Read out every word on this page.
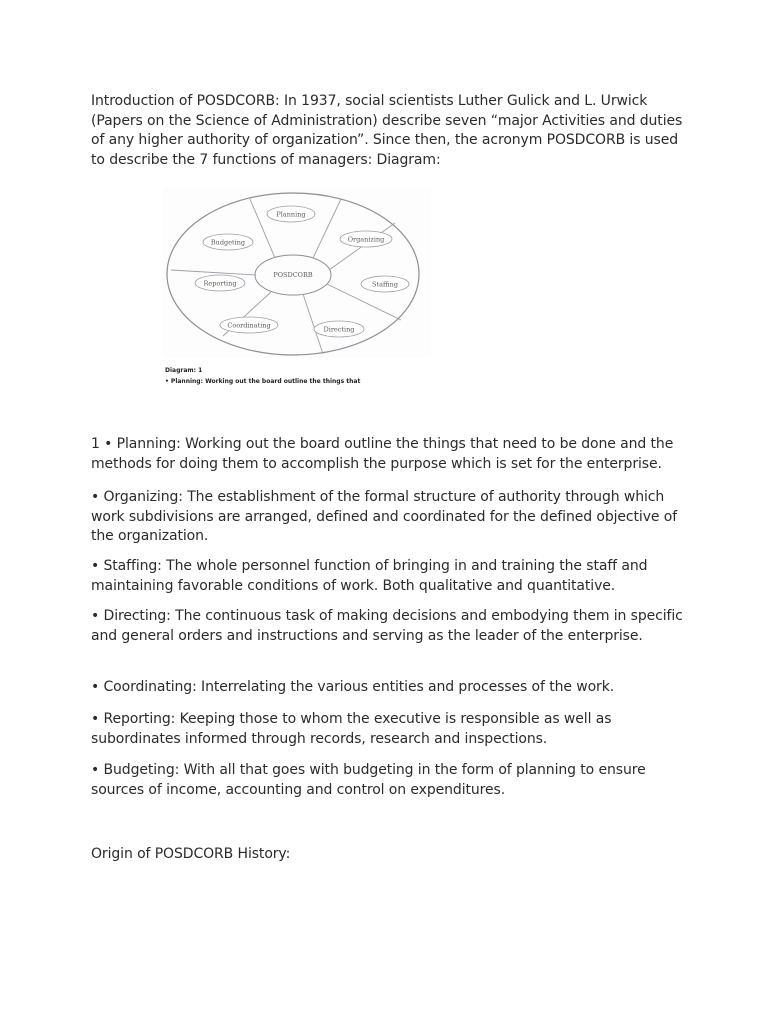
Introduction of POSDCORB: In 1937, social scientists Luther Gulick and L. Urwick (Papers on the Science of Administration) describe seven “major Activities and duties of any higher authority of organization”. Since then, the acronym POSDCORB is used to describe the 7 functions of managers: Diagram:

Planning
Organizing
Staffing
Directing
Coordinating
Reporting
Budgeting
POSDCORB
Diagram: 1
• Planning: Working out the board outline the things that

1 • Planning: Working out the board outline the things that need to be done and the methods for doing them to accomplish the purpose which is set for the enterprise.

• Organizing: The establishment of the formal structure of authority through which work subdivisions are arranged, defined and coordinated for the defined objective of the organization.

• Staffing: The whole personnel function of bringing in and training the staff and maintaining favorable conditions of work. Both qualitative and quantitative.

• Directing: The continuous task of making decisions and embodying them in specific and general orders and instructions and serving as the leader of the enterprise.

• Coordinating: Interrelating the various entities and processes of the work.

• Reporting: Keeping those to whom the executive is responsible as well as subordinates informed through records, research and inspections.

• Budgeting: With all that goes with budgeting in the form of planning to ensure sources of income, accounting and control on expenditures.

Origin of POSDCORB History:
